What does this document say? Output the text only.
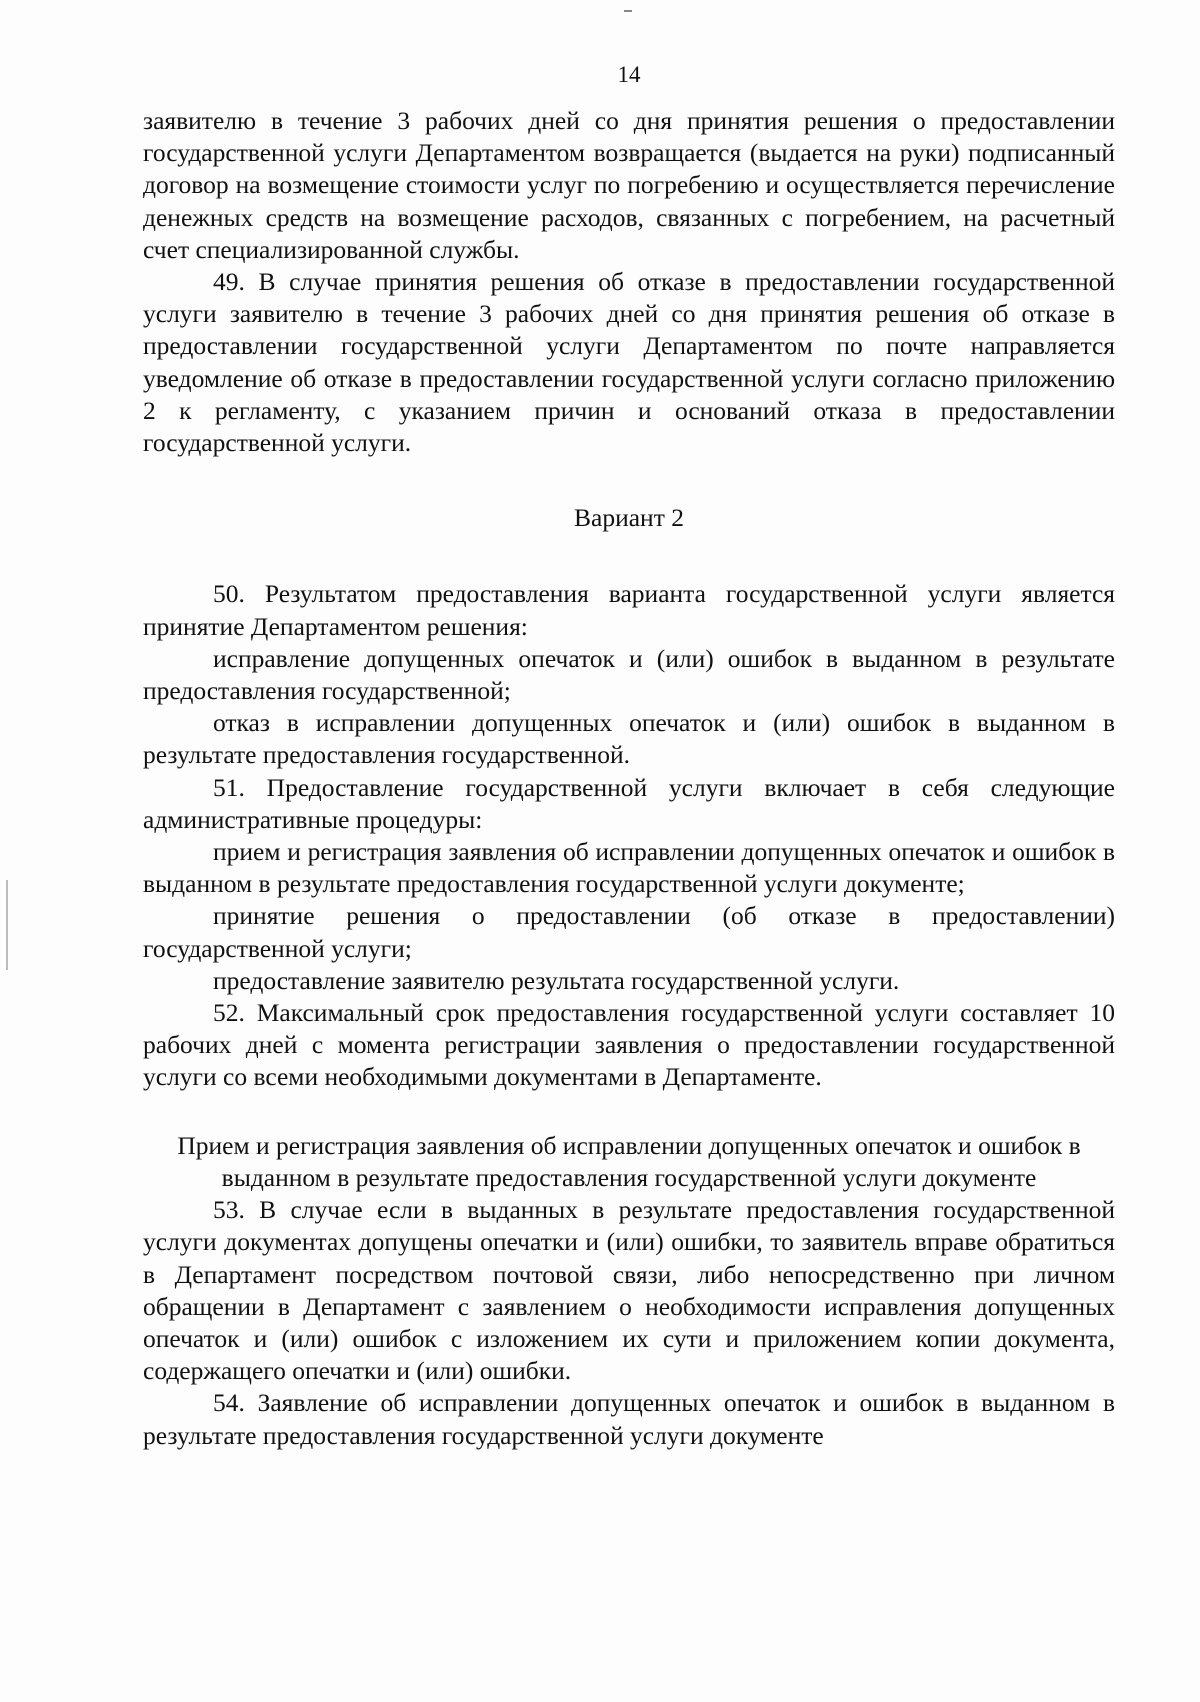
14

заявителю в течение 3 рабочих дней со дня принятия решения о предоставлении государственной услуги Департаментом возвращается (выдается на руки) подписанный договор на возмещение стоимости услуг по погребению и осуществляется перечисление денежных средств на возмещение расходов, связанных с погребением, на расчетный счет специализированной службы.

49. В случае принятия решения об отказе в предоставлении государственной услуги заявителю в течение 3 рабочих дней со дня принятия решения об отказе в предоставлении государственной услуги Департаментом по почте направляется уведомление об отказе в предоставлении государственной услуги согласно приложению 2 к регламенту, с указанием причин и оснований отказа в предоставлении государственной услуги.

Вариант 2

50. Результатом предоставления варианта государственной услуги является принятие Департаментом решения:

исправление допущенных опечаток и (или) ошибок в выданном в результате предоставления государственной;

отказ в исправлении допущенных опечаток и (или) ошибок в выданном в результате предоставления государственной.

51. Предоставление государственной услуги включает в себя следующие административные процедуры:

прием и регистрация заявления об исправлении допущенных опечаток и ошибок в выданном в результате предоставления государственной услуги документе;

принятие решения о предоставлении (об отказе в предоставлении) государственной услуги;

предоставление заявителю результата государственной услуги.

52. Максимальный срок предоставления государственной услуги составляет 10 рабочих дней с момента регистрации заявления о предоставлении государственной услуги со всеми необходимыми документами в Департаменте.

Прием и регистрация заявления об исправлении допущенных опечаток и ошибок в выданном в результате предоставления государственной услуги документе

53. В случае если в выданных в результате предоставления государственной услуги документах допущены опечатки и (или) ошибки, то заявитель вправе обратиться в Департамент посредством почтовой связи, либо непосредственно при личном обращении в Департамент с заявлением о необходимости исправления допущенных опечаток и (или) ошибок с изложением их сути и приложением копии документа, содержащего опечатки и (или) ошибки.

54. Заявление об исправлении допущенных опечаток и ошибок в выданном в результате предоставления государственной услуги документе
